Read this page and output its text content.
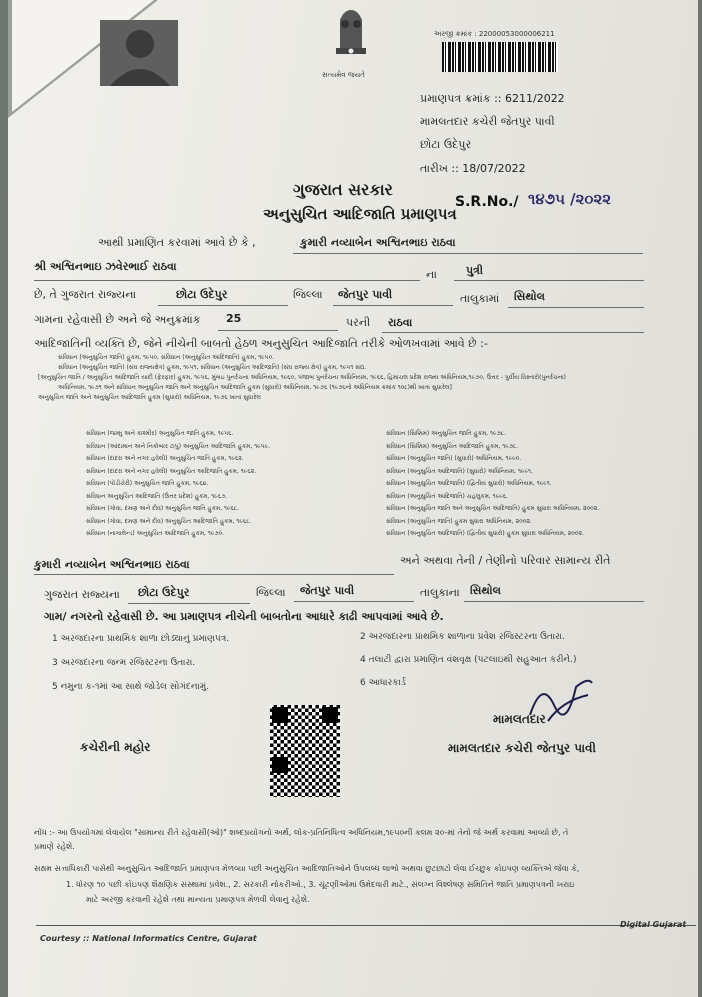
સત્યમેવ જયતે
અરજી ક્રમાંક : 22000053000006211
પ્રમાણપત્ર ક્રમાંક :: 6211/2022
મામલતદાર કચેરી જેતપુર પાવી
છોટા ઉદેપુર
તારીખ :: 18/07/2022
ગુજરાત સરકાર
અનુસુચિત આદિજાતિ પ્રમાણપત્ર
S.R.No./ ૧૪૭૫ /૨૦૨૨
આથી પ્રમાણિત કરવામાં આવે છે કે ,	કુમારી નવ્યાબેન અશ્વિનભાઇ રાઠવા
શ્રી અશ્વિનભાઇ ઝવેરભાઈ રાઠવા
ના	પુત્રી
છે, તે ગુજરાત રાજ્યના	છોટા ઉદેપુર	જિલ્લા જેતપુર પાવી	તાલુકામાં સિથોલ
ગામના રહેવાસી છે અને જે અનુક્રમાંક 25	પરની રાઠવા
આદિજાતિની વ્યક્તિ છે, જેને નીચેની બાબતો હેઠળ અનુસુચિત આદિજાતિ તરીકે ઓળખવામાં આવે છે :-
સંવિધાન (અનુસુચિત જાતિ) હુકમ, ૧૯૫૦, સંવિધાન (અનુસુચિત આદિજાતિ) હુકમ, ૧૯૫૦.
સંવિધાન (અનુસુચિત જાતિ) (સંઘ રાજ્યક્ષેત્ર) હુકમ, ૧૯૫૧, સંવિધાન (અનુસુચિત આદિજાતિ) (સંઘ રાજ્ય ક્ષેત્ર) હુકમ, ૧૯૫૧ સંદ્ય.
[અનુસુચિત જાતિ / અનુસુચિત આદિજાતિ યાદી (ફેરફાર) હુકમ, ૧૯૫૬, મુંબઇ પુનર્રચના અધિનિયમ, ૧૯૬૦, પંજાબ પુનર્રચના અધિનિયમ, ૧૯૬૬, હિમાચલ પ્રદેશ રાજ્ય અધિનિયમ,૧૯૭૦, ઉત્તર - પુર્વીય વિસ્તારો(પુનર્રચના)
અધિનિયમ, ૧૯૭૧ અને સંવિધાન અનુસુચિત જાતિ અને અનુસુચિત આદિજાતિ હુકમ (સુધારો) અધિનિયમ, ૧૯૭૬ (૧૯૭૬નો અધિનિયમ ક્રમાંક ૧૦૮)થી ખાતા સુધારેલ]
અનુસુચિત જાતિ અને અનુસુચિત આદિજાતિ હુકમ (સુધારો) અધિનિયમ, ૧૯૭૬ ખાતા સુધારેલ
સંવિધાન (જમ્મુ અને કાશ્મીર) અનુસુચિત જાતિ હુકમ, ૧૯૫૬.
સંવિધાન (આંદામાન અને નિકોબાર ટાપુ) અનુસુચિત આદિજાતિ હુકમ, ૧૯૫૯.
સંવિધાન (દાદરા અને નગર હવેલી) અનુસુચિત જાતિ હુકમ, ૧૯૬૨.
સંવિધાન (દાદરા અને નગર હવેલી) અનુસુચિત આદિજાતિ હુકમ, ૧૯૬૨.
સંવિધાન (પોંડીચેરી) અનુસુચિત જાતિ હુકમ, ૧૯૬૪.
સંવિધાન અનુસુચિત આદિજાતિ (ઉત્તર પ્રદેશ) હુકમ, ૧૯૬૭.
સંવિધાન (ગોવા, દમણ અને દીવ) અનુસુચિત જાતિ હુકમ, ૧૯૬૮.
સંવિધાન (ગોવા, દમણ અને દીવ) અનુસુચિત આદિજાતિ હુકમ, ૧૯૬૮.
સંવિધાન (નાગાલેન્ડ) અનુસુચિત આદિજાતિ હુકમ, ૧૯૭૦.
સંવિધાન (સિક્કિમ) અનુસુચિત જાતિ હુકમ, ૧૯૭૮.
સંવિધાન (સિક્કિમ) અનુસુચિત આદિજાતિ હુકમ, ૧૯૭૮.
સંવિધાન (અનુસુચિત જાતિ) (સુધારો) અધિનિયમ, ૧૯૯૦.
સંવિધાન (અનુસુચિત આદિજાતિ) (સુધારો) અધિનિયમ, ૧૯૯૧.
સંવિધાન (અનુસુચિત આદિજાતિ) (દ્વિતીય સુધારો) અધિનિયમ, ૧૯૯૧.
સંવિધાન (અનુસુચિત આદિજાતિ) ચહલુકમ, ૧૯૯૬.
સંવિધાન (અનુસુચિત જાતિ અને અનુસુચિત આદિજાતિ) હુકમ સુધારા અધિનિયમ, ૨૦૦૨.
સંવિધાન (અનુસુચિત જાતિ) હુકમ સુધારા અધિનિયમ, ૨૦૦૨.
સંવિધાન (અનુસુચિત આદિજાતિ) (દ્વિતીય સુધારો) હુકમ સુધારા અધિનિયમ, ૨૦૦૨.
કુમારી નવ્યાબેન અશ્વિનભાઇ રાઠવા	અને અથવા તેની / તેણીનો પરિવાર સામાન્ય રીતે
ગુજરાત રાજ્યના છોટા ઉદેપુર	જિલ્લા જેતપુર પાવી	તાલુકાના સિથોલ
ગામ/ નગરનો રહેવાસી છે. આ પ્રમાણપત્ર નીચેની બાબતોના આધારે કાઢી આપવામાં આવે છે.
1 અરજદારના પ્રાથમિક શાળા છોડ્યાનું પ્રમાણપત્ર.	2 અરજદારના પ્રાથમિક શાળાના પ્રવેશ રજિસ્ટરના ઉતારા.
3 અરજદારના જન્મ રજિસ્ટરના ઉતારા.	4 તલાટી દ્વારા પ્રમાણિત વંશવૃક્ષ (પટલાઇથી સહુઆત કરીને.)
5 નમુના ક-૧માં આ સાથે જોડેલ સોગંદનામું.	6 આધારકાર્ડ
કચેરીની મહોર
મામલતદાર
મામલતદાર કચેરી જેતપુર પાવી
નોંધ :- આ ઉપયોગમાં લેવાયેલ "સામાન્ય રીતે રહેવાસી(ઓ)" શબ્દપ્રયોગનો અર્થ, લોક-પ્રતિનિધિત્વ અધિનિયમ,૧૯૫૦ની કલમ ૨૦-માં તેનો જે અર્થ કરવામાં આવ્યો છે, તે
પ્રમાણે રહેશે.
સક્ષમ સત્તાધિકારી પાસેથી અનુસુચિત આદિજાતિ પ્રમાણપત્ર મેળવ્યા પછી અનુસુચિત આદિજાતિઓને ઉપલબ્ધ લાભો અથવા છુટછાટો લેવા ઈચ્છુક કોઇપણ વ્યક્તિએ જેવા કે,
1. ધોરણ ૧૦ પછી કોઇપણ શૈક્ષણિક સંસ્થામાં પ્રવેશ., 2. સરકારી નોકરીઓ., 3. ચૂંટણીઓમાં ઉમેદવારી માટે., સંલગ્ન વિશ્લેષણ સમિતિને જાતિ પ્રમાણપત્રની ખરાઇ
માટે અરજી કરવાની રહેશે તથા માન્યતા પ્રમાણપત્ર મેળવી લેવાનું રહેશે.
Courtesy :: National Informatics Centre, Gujarat
Digital Gujarat
